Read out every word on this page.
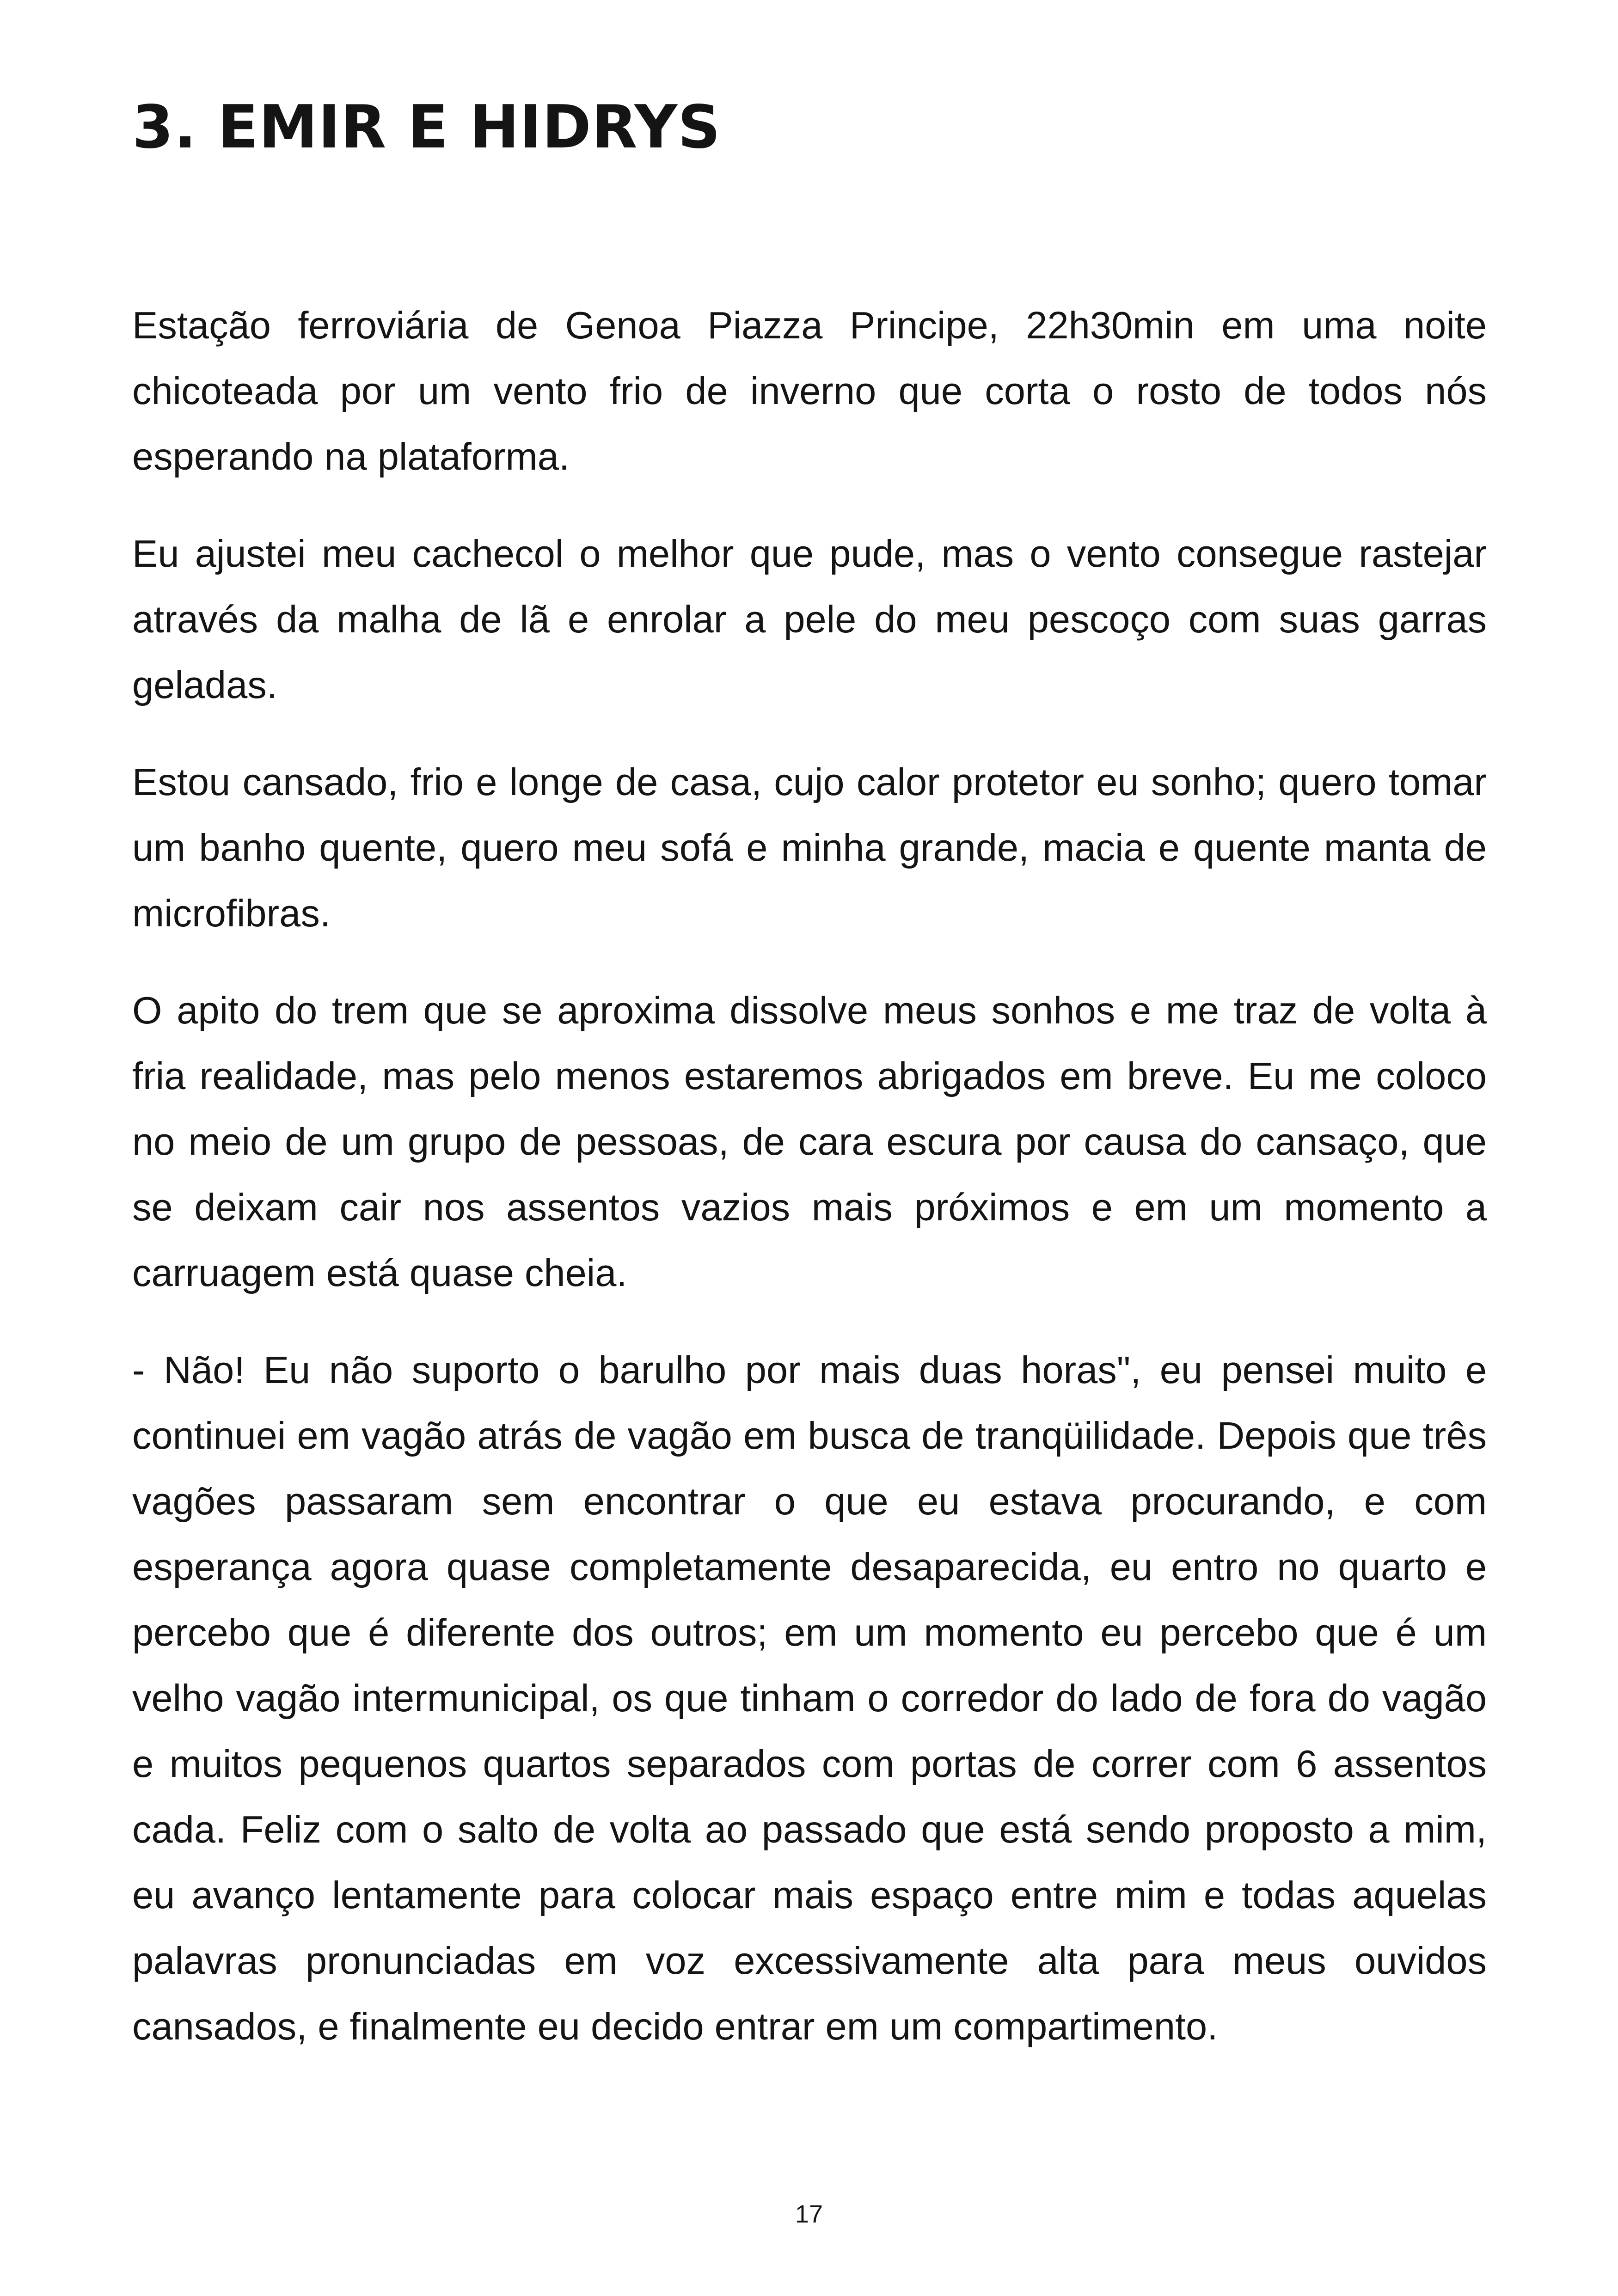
3. EMIR E HIDRYS

Estação ferroviária de Genoa Piazza Principe, 22h30min em uma noite chicoteada por um vento frio de inverno que corta o rosto de todos nós esperando na plataforma.

Eu ajustei meu cachecol o melhor que pude, mas o vento consegue rastejar através da malha de lã e enrolar a pele do meu pescoço com suas garras geladas.

Estou cansado, frio e longe de casa, cujo calor protetor eu sonho; quero tomar um banho quente, quero meu sofá e minha grande, macia e quente manta de microfibras.

O apito do trem que se aproxima dissolve meus sonhos e me traz de volta à fria realidade, mas pelo menos estaremos abrigados em breve. Eu me coloco no meio de um grupo de pessoas, de cara escura por causa do cansaço, que se deixam cair nos assentos vazios mais próximos e em um momento a carruagem está quase cheia.

- Não! Eu não suporto o barulho por mais duas horas", eu pensei muito e continuei em vagão atrás de vagão em busca de tranqüilidade. Depois que três vagões passaram sem encontrar o que eu estava procurando, e com esperança agora quase completamente desaparecida, eu entro no quarto e percebo que é diferente dos outros; em um momento eu percebo que é um velho vagão intermunicipal, os que tinham o corredor do lado de fora do vagão e muitos pequenos quartos separados com portas de correr com 6 assentos cada. Feliz com o salto de volta ao passado que está sendo proposto a mim, eu avanço lentamente para colocar mais espaço entre mim e todas aquelas palavras pronunciadas em voz excessivamente alta para meus ouvidos cansados, e finalmente eu decido entrar em um compartimento.

17
